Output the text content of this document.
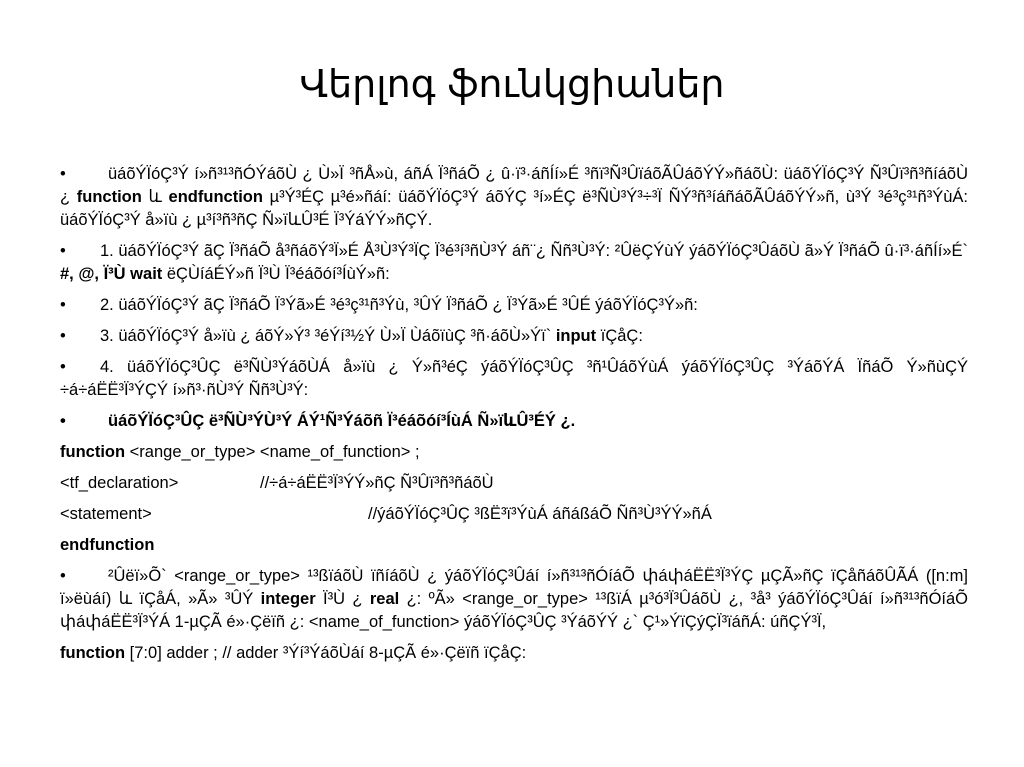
Վերլոգ ֆունկցիաներ

• üáõÝÏóÇ³Ý í»ñ³¹³ñÓÝáõÙ ¿ Ù»Ï ³ñÅ»ù, áñÁ Ï³ñáÕ ¿ û·ï³·áñÍí»É ³ñï³Ñ³ÛïáõÃÛáõÝÝ»ñáõÙ: üáõÝÏóÇ³Ý Ñ³Ûï³ñ³ñíáõÙ ¿ function և endfunction µ³Ý³ÉÇ µ³é»ñáí: üáõÝÏóÇ³Ý áõÝÇ ³í»ÉÇ ë³ÑÙ³Ý³÷³Ï ÑÝ³ñ³íáñáõÃÛáõÝÝ»ñ, ù³Ý ³é³ç³¹ñ³ÝùÁ: üáõÝÏóÇ³Ý å»ïù ¿ µ³í³ñ³ñÇ Ñ»ïևÛ³É Ï³ÝáÝÝ»ñÇÝ.

• 1. üáõÝÏóÇ³Ý ãÇ Ï³ñáÕ å³ñáõÝ³Ï»É Å³Ù³Ý³ÏÇ Ï³é³í³ñÙ³Ý áñ¨¿ Ññ³Ù³Ý: ²ÛëÇÝùÝ ýáõÝÏóÇ³ÛáõÙ ã»Ý Ï³ñáÕ û·ï³·áñÍí»É` #, @, Ï³Ù wait ëÇÙíáÉÝ»ñ Ï³Ù Ï³éáõóí³ÍùÝ»ñ:

• 2. üáõÝÏóÇ³Ý ãÇ Ï³ñáÕ Ï³Ýã»É ³é³ç³¹ñ³Ýù, ³ÛÝ Ï³ñáÕ ¿ Ï³Ýã»É ³ÛÉ ýáõÝÏóÇ³Ý»ñ:

• 3. üáõÝÏóÇ³Ý å»ïù ¿ áõÝ»Ý³ ³éÝí³½Ý Ù»Ï ÙáõïùÇ ³ñ·áõÙ»Ýï` input ïÇåÇ:

• 4. üáõÝÏóÇ³ÛÇ ë³ÑÙ³ÝáõÙÁ å»ïù ¿ Ý»ñ³éÇ ýáõÝÏóÇ³ÛÇ ³ñ¹ÛáõÝùÁ ýáõÝÏóÇ³ÛÇ ³ÝáõÝÁ ÏñáÕ Ý»ñùÇÝ ÷á÷áËË³Ï³ÝÇÝ í»ñ³·ñÙ³Ý Ññ³Ù³Ý:

• üáõÝÏóÇ³ÛÇ ë³ÑÙ³ÝÙ³Ý ÁÝ¹Ñ³Ýáõñ Ï³éáõóí³ÍùÁ Ñ»ïևÛ³ÉÝ ¿.

function <range_or_type> <name_of_function> ;

<tf_declaration>	//÷á÷áËË³Ï³ÝÝ»ñÇ Ñ³Ûï³ñ³ñáõÙ
<statement>	//ýáõÝÏóÇ³ÛÇ ³ßË³ï³ÝùÁ áñáßáÕ Ññ³Ù³ÝÝ»ñÁ

endfunction

• ²Ûëï»Õ` <range_or_type> ¹³ßïáõÙ ïñíáõÙ ¿ ýáõÝÏóÇ³Ûáí í»ñ³¹³ñÓíáÕ փáփáËË³Ï³ÝÇ µÇÃ»ñÇ ïÇåñáõÛÃÁ ([n:m] ï»ëùáí) և ïÇåÁ, »Ã» ³ÛÝ integer Ï³Ù ¿ real ¿: ºÃ» <range_or_type> ¹³ßïÁ µ³ó³Ï³ÛáõÙ ¿, ³å³ ýáõÝÏóÇ³Ûáí í»ñ³¹³ñÓíáÕ փáփáËË³Ï³ÝÁ 1-µÇÃ é»·Çëïñ ¿: <name_of_function> ýáõÝÏóÇ³ÛÇ ³ÝáõÝÝ ¿` Ç¹»ÝïÇýÇÏ³ïáñÁ: úñÇÝ³Ï,

function [7:0] adder ; // adder ³Ýí³ÝáõÙáí 8-µÇÃ é»·Çëïñ ïÇåÇ:
